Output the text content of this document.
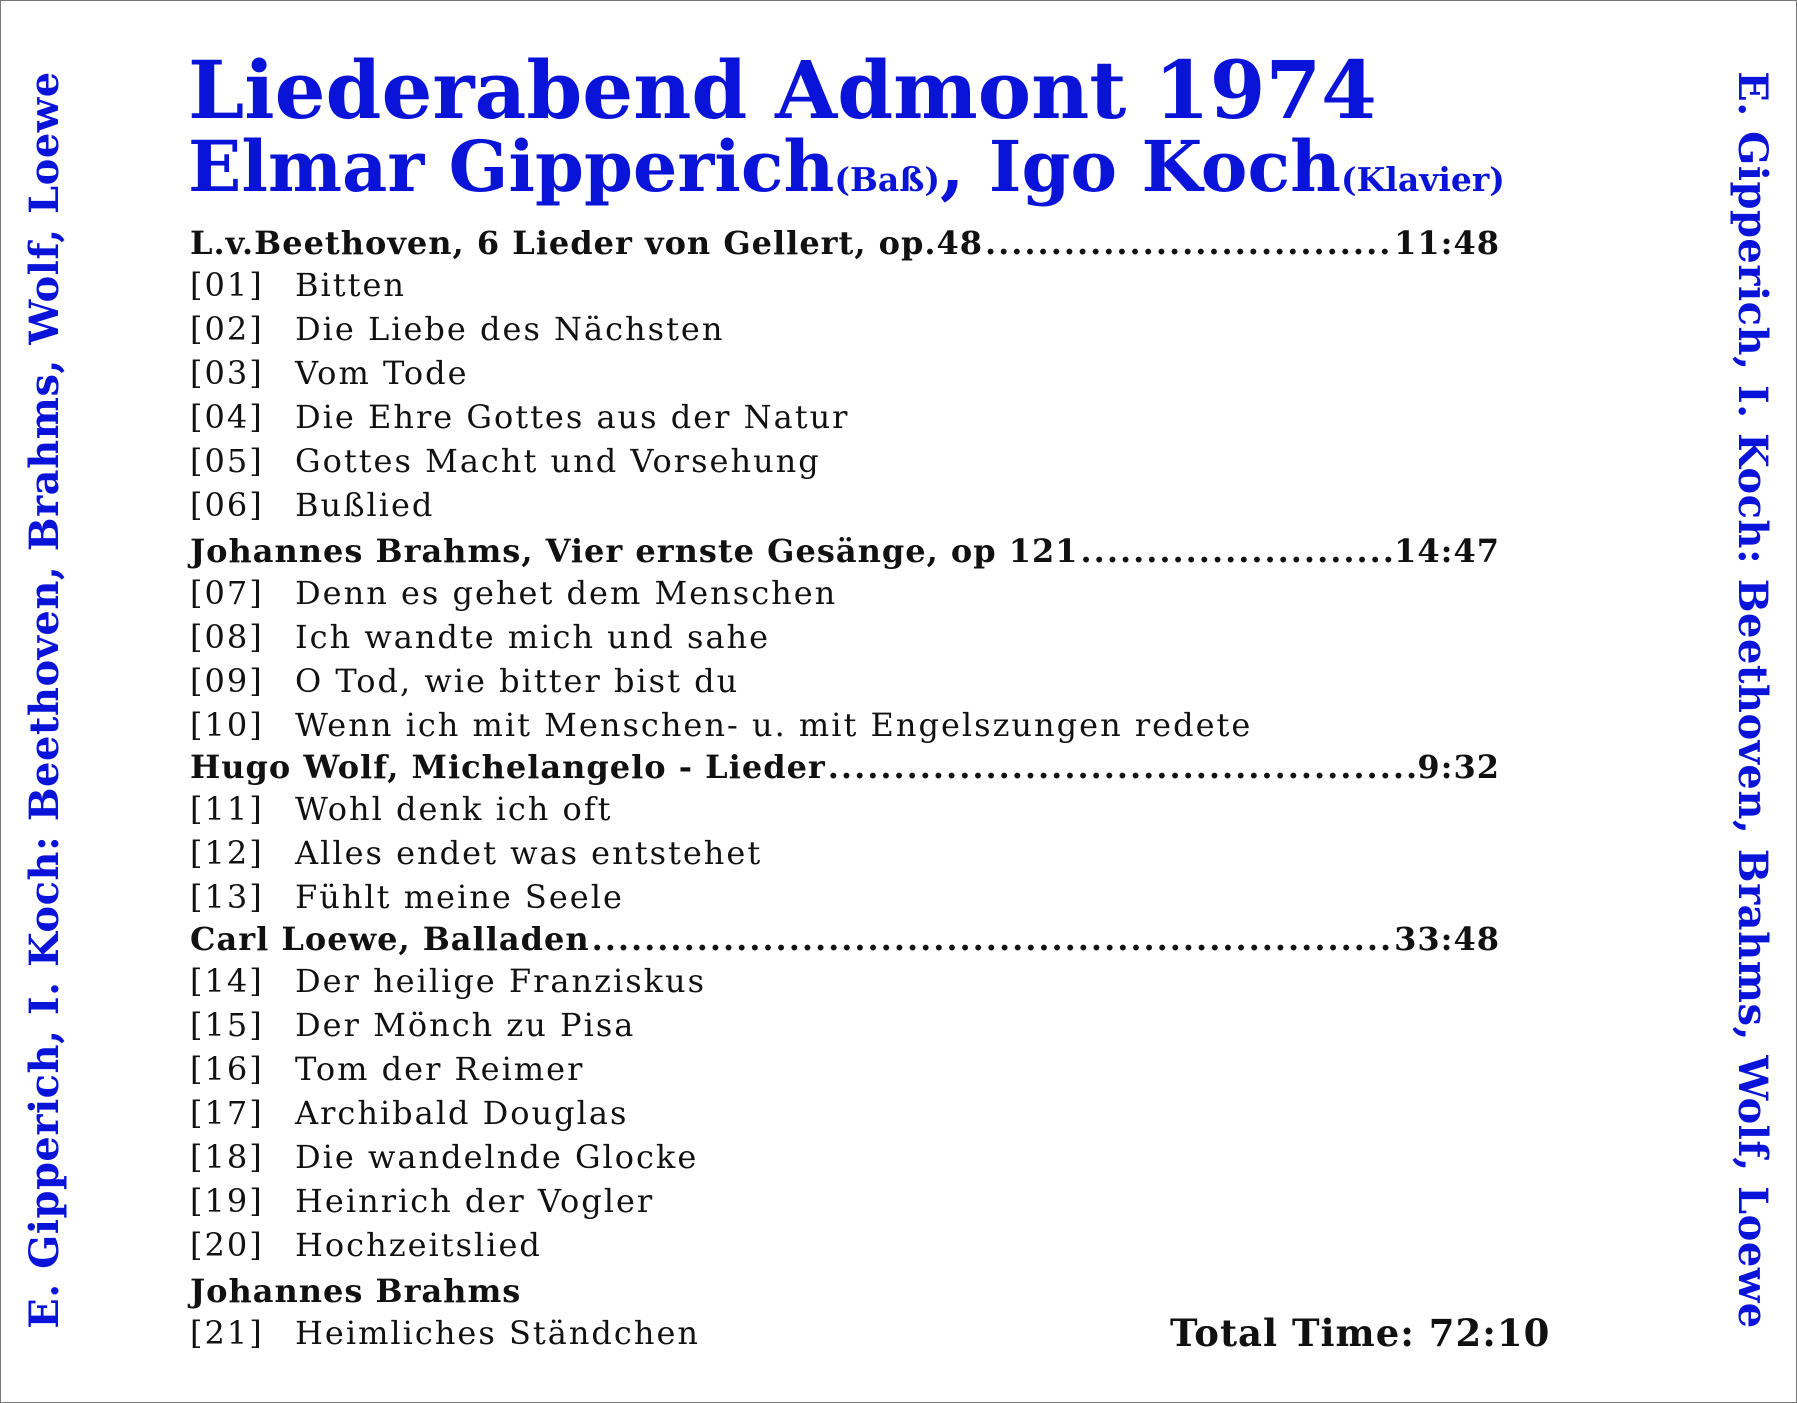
E. Gipperich, I. Koch: Beethoven, Brahms, Wolf, Loewe	E. Gipperich, I. Koch: Beethoven, Brahms, Wolf, Loewe
Liederabend Admont 1974
Elmar Gipperich(Baß), Igo Koch(Klavier)
L.v.Beethoven, 6 Lieder von Gellert, op.48 .....	11:48
[01] Bitten
[02] Die Liebe des Nächsten
[03] Vom Tode
[04] Die Ehre Gottes aus der Natur
[05] Gottes Macht und Vorsehung
[06] Bußlied
Johannes Brahms, Vier ernste Gesänge, op 121 .....	14:47
[07] Denn es gehet dem Menschen
[08] Ich wandte mich und sahe
[09] O Tod, wie bitter bist du
[10] Wenn ich mit Menschen- u. mit Engelszungen redete
Hugo Wolf, Michelangelo - Lieder .....	9:32
[11] Wohl denk ich oft
[12] Alles endet was entstehet
[13] Fühlt meine Seele
Carl Loewe, Balladen .....	33:48
[14] Der heilige Franziskus
[15] Der Mönch zu Pisa
[16] Tom der Reimer
[17] Archibald Douglas
[18] Die wandelnde Glocke
[19] Heinrich der Vogler
[20] Hochzeitslied
Johannes Brahms
[21] Heimliches Ständchen	Total Time: 72:10
